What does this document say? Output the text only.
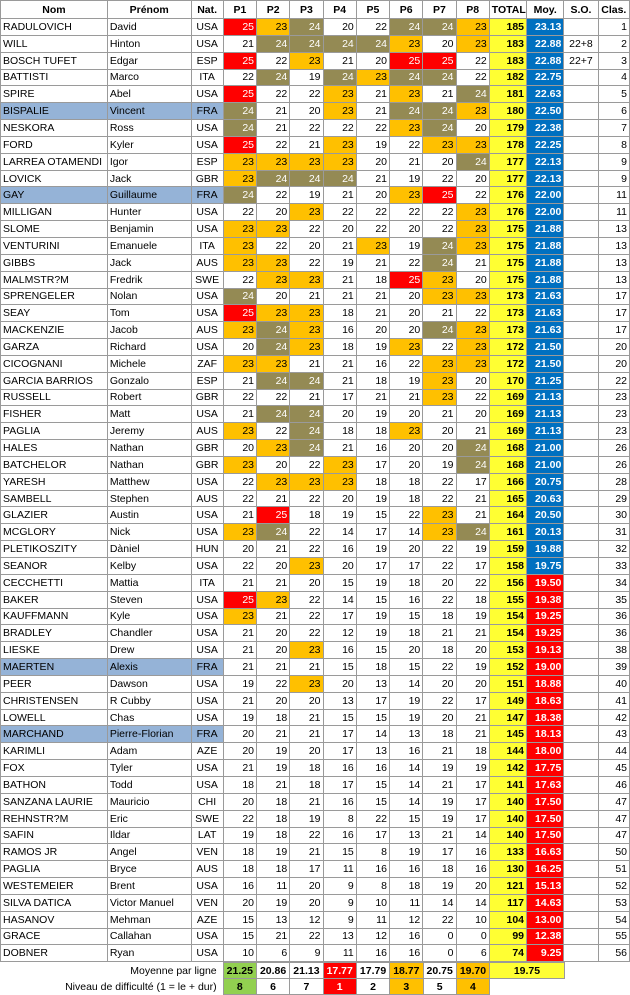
Nom	Prénom	Nat.	P1	P2	P3	P4	P5	P6	P7	P8	TOTAL	Moy.	S.O.	Clas.
RADULOVICH	David	USA	25	23	24	20	22	24	24	23	185	23.13		1
WILL	Hinton	USA	21	24	24	24	24	23	20	23	183	22.88	22+8	2
BOSCH TUFET	Edgar	ESP	25	22	23	21	20	25	25	22	183	22.88	22+7	3
BATTISTI	Marco	ITA	22	24	19	24	23	24	24	22	182	22.75		4
SPIRE	Abel	USA	25	22	22	23	21	23	21	24	181	22.63		5
BISPALIE	Vincent	FRA	24	21	20	23	21	24	24	23	180	22.50		6
NESKORA	Ross	USA	24	21	22	22	22	23	24	20	179	22.38		7
FORD	Kyler	USA	25	22	21	23	19	22	23	23	178	22.25		8
LARREA OTAMENDI	Igor	ESP	23	23	23	23	20	21	20	24	177	22.13		9
LOVICK	Jack	GBR	23	24	24	24	21	19	22	20	177	22.13		9
GAY	Guillaume	FRA	24	22	19	21	20	23	25	22	176	22.00		11
MILLIGAN	Hunter	USA	22	20	23	22	22	22	22	23	176	22.00		11
SLOME	Benjamin	USA	23	23	22	20	22	20	22	23	175	21.88		13
VENTURINI	Emanuele	ITA	23	22	20	21	23	19	24	23	175	21.88		13
GIBBS	Jack	AUS	23	23	22	19	21	22	24	21	175	21.88		13
MALMSTR?M	Fredrik	SWE	22	23	23	21	18	25	23	20	175	21.88		13
SPRENGELER	Nolan	USA	24	20	21	21	21	20	23	23	173	21.63		17
SEAY	Tom	USA	25	23	23	18	21	20	21	22	173	21.63		17
MACKENZIE	Jacob	AUS	23	24	23	16	20	20	24	23	173	21.63		17
GARZA	Richard	USA	20	24	23	18	19	23	22	23	172	21.50		20
CICOGNANI	Michele	ZAF	23	23	21	21	16	22	23	23	172	21.50		20
GARCIA BARRIOS	Gonzalo	ESP	21	24	24	21	18	19	23	20	170	21.25		22
RUSSELL	Robert	GBR	22	22	21	17	21	21	23	22	169	21.13		23
FISHER	Matt	USA	21	24	24	20	19	20	21	20	169	21.13		23
PAGLIA	Jeremy	AUS	23	22	24	18	18	23	20	21	169	21.13		23
HALES	Nathan	GBR	20	23	24	21	16	20	20	24	168	21.00		26
BATCHELOR	Nathan	GBR	23	20	22	23	17	20	19	24	168	21.00		26
YARESH	Matthew	USA	22	23	23	23	18	18	22	17	166	20.75		28
SAMBELL	Stephen	AUS	22	21	22	20	19	18	22	21	165	20.63		29
GLAZIER	Austin	USA	21	25	18	19	15	22	23	21	164	20.50		30
MCGLORY	Nick	USA	23	24	22	14	17	14	23	24	161	20.13		31
PLETIKOSZITY	Dàniel	HUN	20	21	22	16	19	20	22	19	159	19.88		32
SEANOR	Kelby	USA	22	20	23	20	17	17	22	17	158	19.75		33
CECCHETTI	Mattia	ITA	21	21	20	15	19	18	20	22	156	19.50		34
BAKER	Steven	USA	25	23	22	14	15	16	22	18	155	19.38		35
KAUFFMANN	Kyle	USA	23	21	22	17	19	15	18	19	154	19.25		36
BRADLEY	Chandler	USA	21	20	22	12	19	18	21	21	154	19.25		36
LIESKE	Drew	USA	21	20	23	16	15	20	18	20	153	19.13		38
MAERTEN	Alexis	FRA	21	21	21	15	18	15	22	19	152	19.00		39
PEER	Dawson	USA	19	22	23	20	13	14	20	20	151	18.88		40
CHRISTENSEN	R Cubby	USA	21	20	20	13	17	19	22	17	149	18.63		41
LOWELL	Chas	USA	19	18	21	15	15	19	20	21	147	18.38		42
MARCHAND	Pierre-Florian	FRA	20	21	21	17	14	13	18	21	145	18.13		43
KARIMLI	Adam	AZE	20	19	20	17	13	16	21	18	144	18.00		44
FOX	Tyler	USA	21	19	18	16	16	14	19	19	142	17.75		45
BATHON	Todd	USA	18	21	18	17	15	14	21	17	141	17.63		46
SANZANA LAURIE	Mauricio	CHI	20	18	21	16	15	14	19	17	140	17.50		47
REHNSTR?M	Eric	SWE	22	18	19	8	22	15	19	17	140	17.50		47
SAFIN	Ildar	LAT	19	18	22	16	17	13	21	14	140	17.50		47
RAMOS JR	Angel	VEN	18	19	21	15	8	19	17	16	133	16.63		50
PAGLIA	Bryce	AUS	18	18	17	11	16	16	18	16	130	16.25		51
WESTEMEIER	Brent	USA	16	11	20	9	8	18	19	20	121	15.13		52
SILVA DATICA	Victor Manuel	VEN	20	19	20	9	10	11	14	14	117	14.63		53
HASANOV	Mehman	AZE	15	13	12	9	11	12	22	10	104	13.00		54
GRACE	Callahan	USA	15	21	22	13	12	16	0	0	99	12.38		55
DOBNER	Ryan	USA	10	6	9	11	16	16	0	6	74	9.25		56
Moyenne par ligne	21.25	20.86	21.13	17.77	17.79	18.77	20.75	19.70	19.75	
Niveau de difficulté (1 = le + dur)	8	6	7	1	2	3	5	4		
